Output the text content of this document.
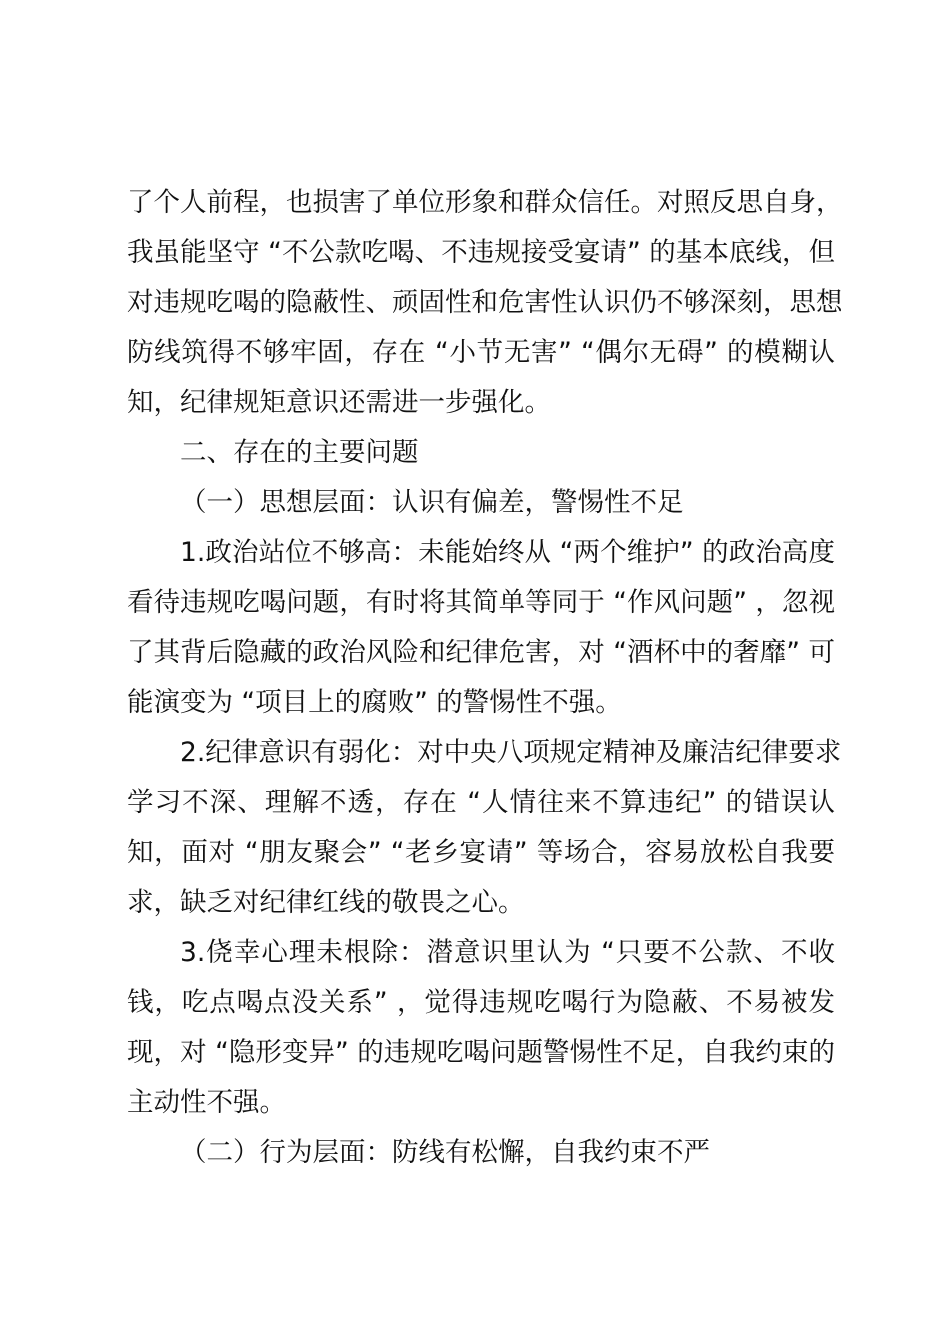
了个人前程，也损害了单位形象和群众信任。对照反思自身，
我虽能坚守 “不公款吃喝、不违规接受宴请” 的基本底线，但
对违规吃喝的隐蔽性、顽固性和危害性认识仍不够深刻，思想
防线筑得不够牢固，存在 “小节无害” “偶尔无碍” 的模糊认
知，纪律规矩意识还需进一步强化。
二、存在的主要问题
（一）思想层面：认识有偏差，警惕性不足
1.政治站位不够高：未能始终从 “两个维护” 的政治高度
看待违规吃喝问题，有时将其简单等同于 “作风问题” ，忽视
了其背后隐藏的政治风险和纪律危害，对 “酒杯中的奢靡” 可
能演变为 “项目上的腐败” 的警惕性不强。
2.纪律意识有弱化：对中央八项规定精神及廉洁纪律要求
学习不深、理解不透，存在 “人情往来不算违纪” 的错误认
知，面对 “朋友聚会” “老乡宴请” 等场合，容易放松自我要
求，缺乏对纪律红线的敬畏之心。
3.侥幸心理未根除：潜意识里认为 “只要不公款、不收
钱，吃点喝点没关系” ，觉得违规吃喝行为隐蔽、不易被发
现，对 “隐形变异” 的违规吃喝问题警惕性不足，自我约束的
主动性不强。
（二）行为层面：防线有松懈，自我约束不严
